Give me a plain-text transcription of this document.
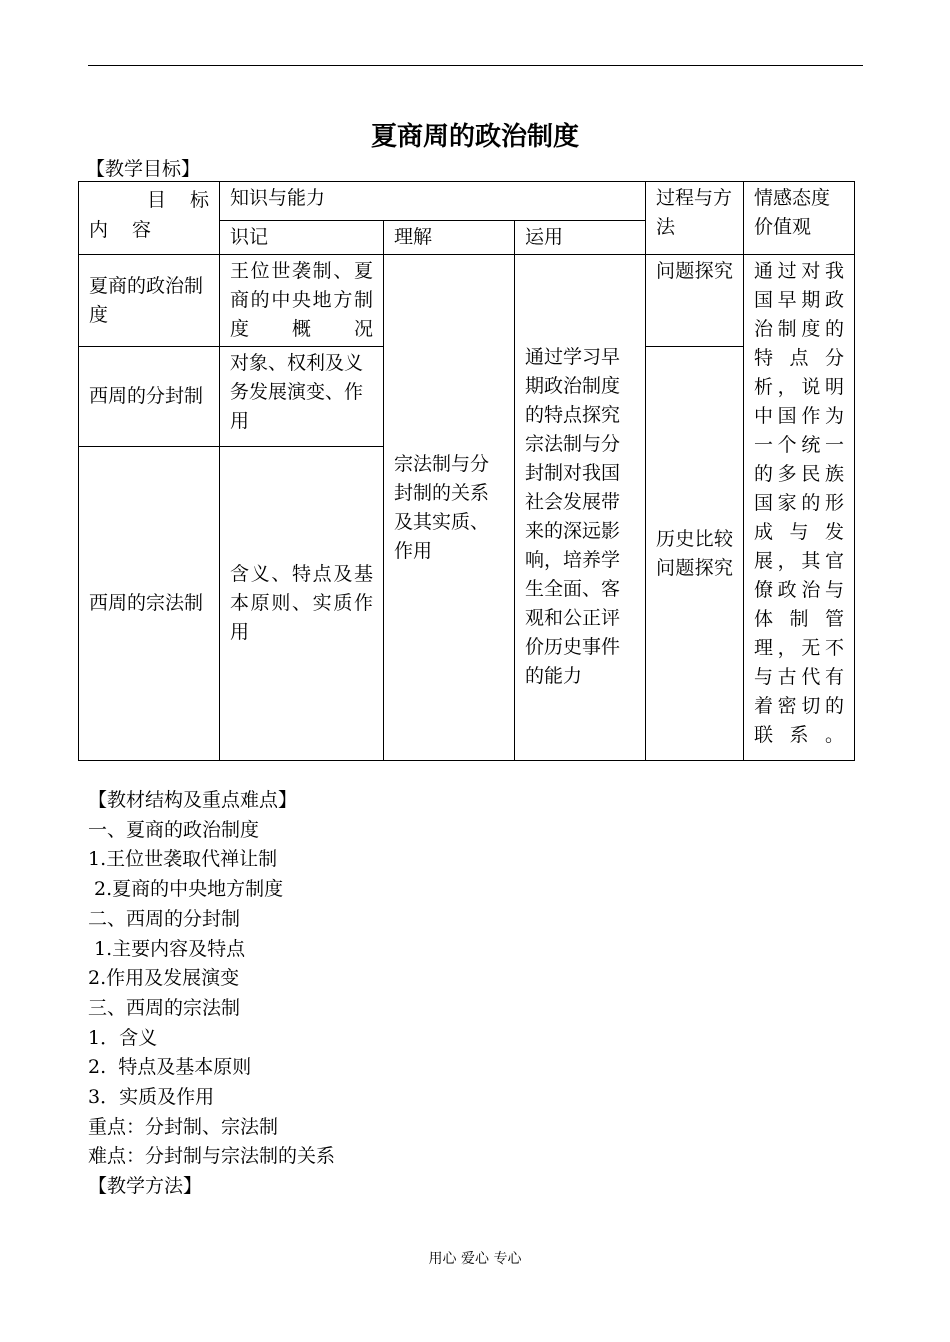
夏商周的政治制度
【教学目标】
目标
内容	知识与能力			过程与方法	情感态度价值观
	识记	理解	运用		
夏商的政治制度	王位世袭制、夏商的中央地方制度概况	宗法制与分封制的关系及其实质、作用	通过学习早期政治制度的特点探究宗法制与分封制对我国社会发展带来的深远影响，培养学生全面、客观和公正评价历史事件的能力	问题探究	通过对我国早期政治制度的特点分析，说明中国作为一个统一的多民族国家的形成与发展，其官僚政治与体制管理，无不与古代有着密切的联系。
西周的分封制	对象、权利及义务发展演变、作用			历史比较问题探究	
西周的宗法制	含义、特点及基本原则、实质作用				
【教材结构及重点难点】
一、夏商的政治制度
1.王位世袭取代禅让制
2.夏商的中央地方制度
二、西周的分封制
1.主要内容及特点
2.作用及发展演变
三、西周的宗法制
1．含义
2.  特点及基本原则
3．实质及作用
重点：分封制、宗法制
难点：分封制与宗法制的关系
【教学方法】
用心 爱心 专心
